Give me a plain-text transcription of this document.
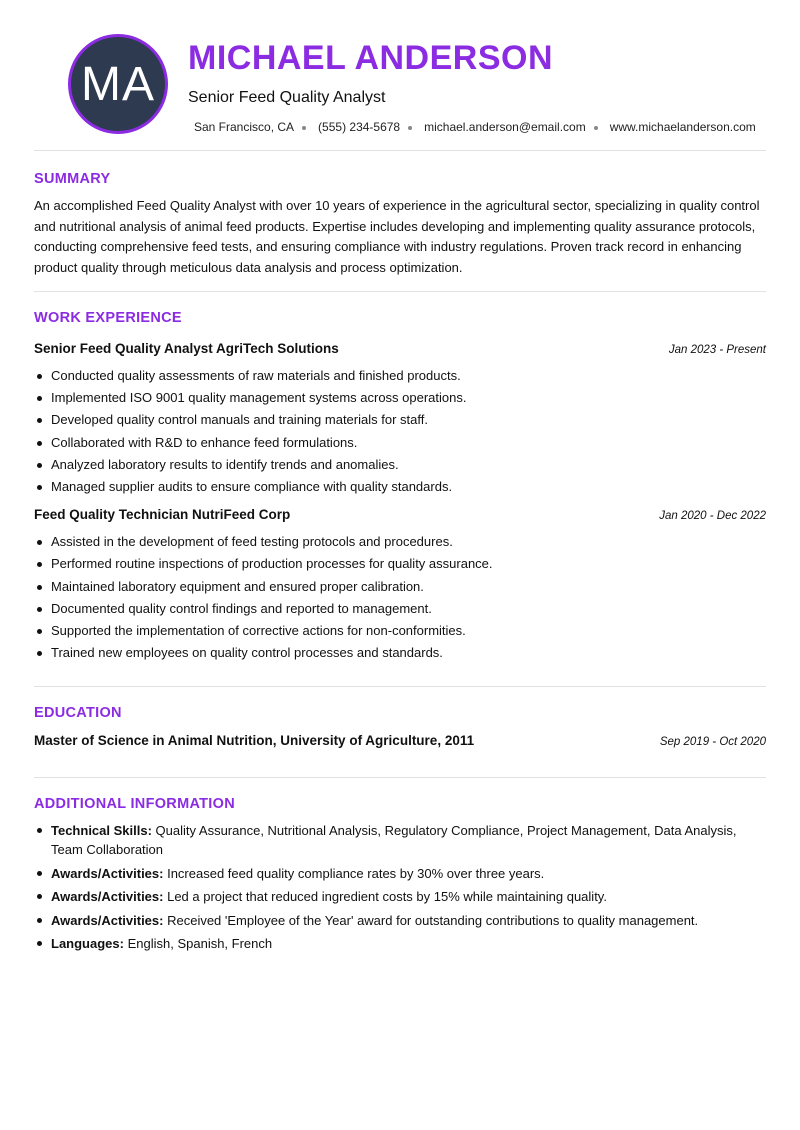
MA MICHAEL ANDERSON
Senior Feed Quality Analyst
San Francisco, CA (555) 234-5678 michael.anderson@email.com www.michaelanderson.com
SUMMARY
An accomplished Feed Quality Analyst with over 10 years of experience in the agricultural sector, specializing in quality control and nutritional analysis of animal feed products. Expertise includes developing and implementing quality assurance protocols, conducting comprehensive feed tests, and ensuring compliance with industry regulations. Proven track record in enhancing product quality through meticulous data analysis and process optimization.
WORK EXPERIENCE
Senior Feed Quality Analyst AgriTech Solutions	Jan 2023 - Present
Conducted quality assessments of raw materials and finished products.
Implemented ISO 9001 quality management systems across operations.
Developed quality control manuals and training materials for staff.
Collaborated with R&D to enhance feed formulations.
Analyzed laboratory results to identify trends and anomalies.
Managed supplier audits to ensure compliance with quality standards.
Feed Quality Technician NutriFeed Corp	Jan 2020 - Dec 2022
Assisted in the development of feed testing protocols and procedures.
Performed routine inspections of production processes for quality assurance.
Maintained laboratory equipment and ensured proper calibration.
Documented quality control findings and reported to management.
Supported the implementation of corrective actions for non-conformities.
Trained new employees on quality control processes and standards.
EDUCATION
Master of Science in Animal Nutrition, University of Agriculture, 2011	Sep 2019 - Oct 2020
ADDITIONAL INFORMATION
Technical Skills: Quality Assurance, Nutritional Analysis, Regulatory Compliance, Project Management, Data Analysis, Team Collaboration
Awards/Activities: Increased feed quality compliance rates by 30% over three years.
Awards/Activities: Led a project that reduced ingredient costs by 15% while maintaining quality.
Awards/Activities: Received 'Employee of the Year' award for outstanding contributions to quality management.
Languages: English, Spanish, French
